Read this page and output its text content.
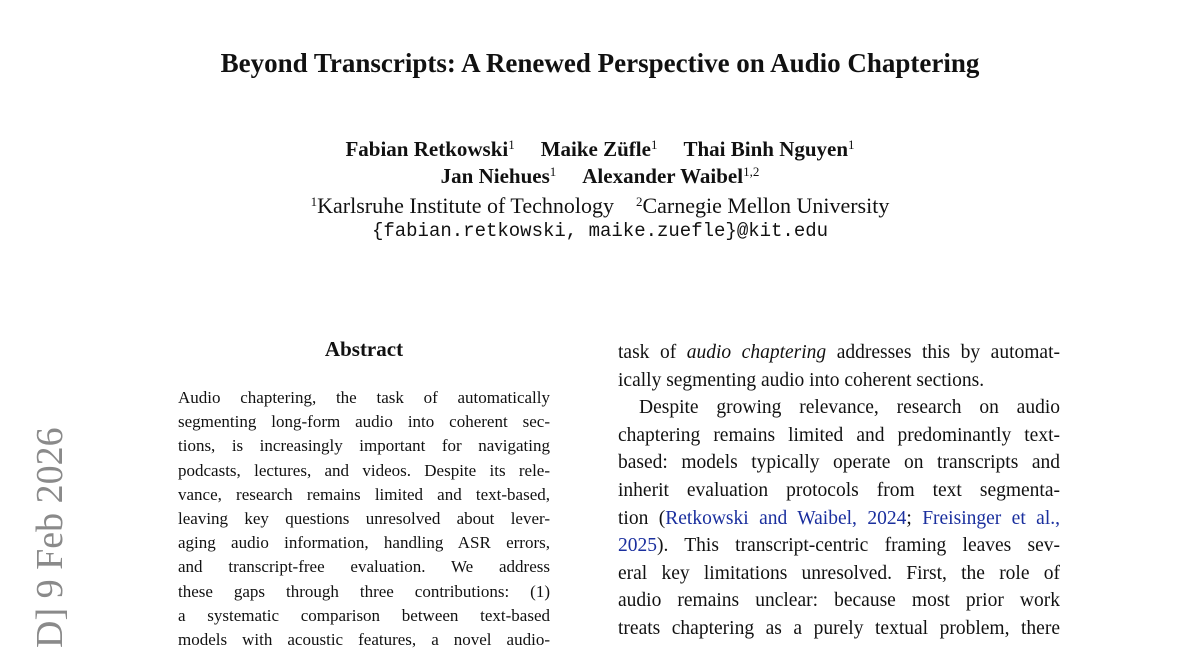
Beyond Transcripts: A Renewed Perspective on Audio Chaptering
Fabian Retkowski$^1$ Maike Züfle$^1$ Thai Binh Nguyen$^1$
Jan Niehues$^1$ Alexander Waibel$^{1,2}$
$^1$Karlsruhe Institute of Technology $^2$Carnegie Mellon University
{fabian.retkowski, maike.zuefle}@kit.edu
Abstract
Audio chaptering, the task of automatically
segmenting long-form audio into coherent sec-
tions, is increasingly important for navigating
podcasts, lectures, and videos. Despite its rele-
vance, research remains limited and text-based,
leaving key questions unresolved about lever-
aging audio information, handling ASR errors,
and transcript-free evaluation. We address
these gaps through three contributions: (1)
a systematic comparison between text-based
models with acoustic features, a novel audio-
task of audio chaptering addresses this by automat-
ically segmenting audio into coherent sections.
Despite growing relevance, research on audio
chaptering remains limited and predominantly text-
based: models typically operate on transcripts and
inherit evaluation protocols from text segmenta-
tion (Retkowski and Waibel, 2024; Freisinger et al.,
2025). This transcript-centric framing leaves sev-
eral key limitations unresolved. First, the role of
audio remains unclear: because most prior work
treats chaptering as a purely textual problem, there
D] 9 Feb 2026
